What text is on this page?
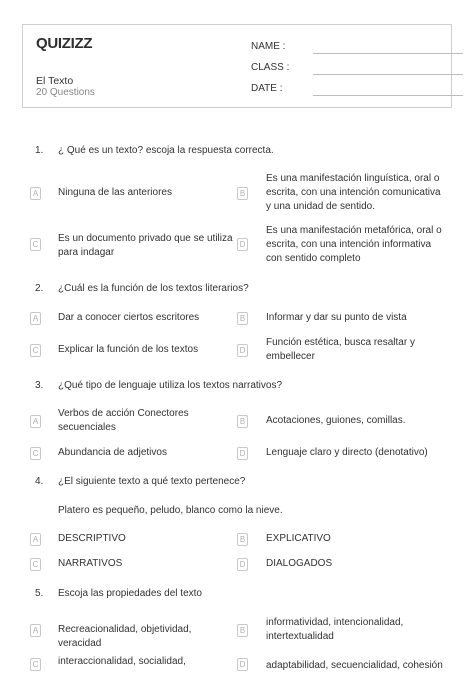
QUIZIZZ
El Texto
20 Questions
NAME :
CLASS :
DATE :
1. ¿ Qué es un texto? escoja la respuesta correcta.
A Ninguna de las anteriores	B
Es una manifestación linguística, oral o escrita, con una intención comunicativa y una unidad de sentido.
C
Es un documento privado que se utiliza para indagar
D
Es una manifestación metafórica, oral o escrita, con una intención informativa con sentido completo
2. ¿Cuál es la función de los textos literarios?
A Dar a conocer ciertos escritores	B Informar y dar su punto de vista
C Explicar la función de los textos	D
Función estética, busca resaltar y embellecer
3. ¿Qué tipo de lenguaje utiliza los textos narrativos?
A
Verbos de acción Conectores secuenciales
B Acotaciones, guiones, comillas.
C Abundancia de adjetivos	D Lenguaje claro y directo (denotativo)
4. ¿El siguiente texto a qué texto pertenece?
Platero es pequeño, peludo, blanco como la nieve.
A DESCRIPTIVO	B EXPLICATIVO
C NARRATIVOS	D DIALOGADOS
5. Escoja las propiedades del texto
A Recreacionalidad, objetividad, veracidad
B
informatividad, intencionalidad, intertextualidad
C interaccionalidad, socialidad,	D adaptabilidad, secuencialidad, cohesión
